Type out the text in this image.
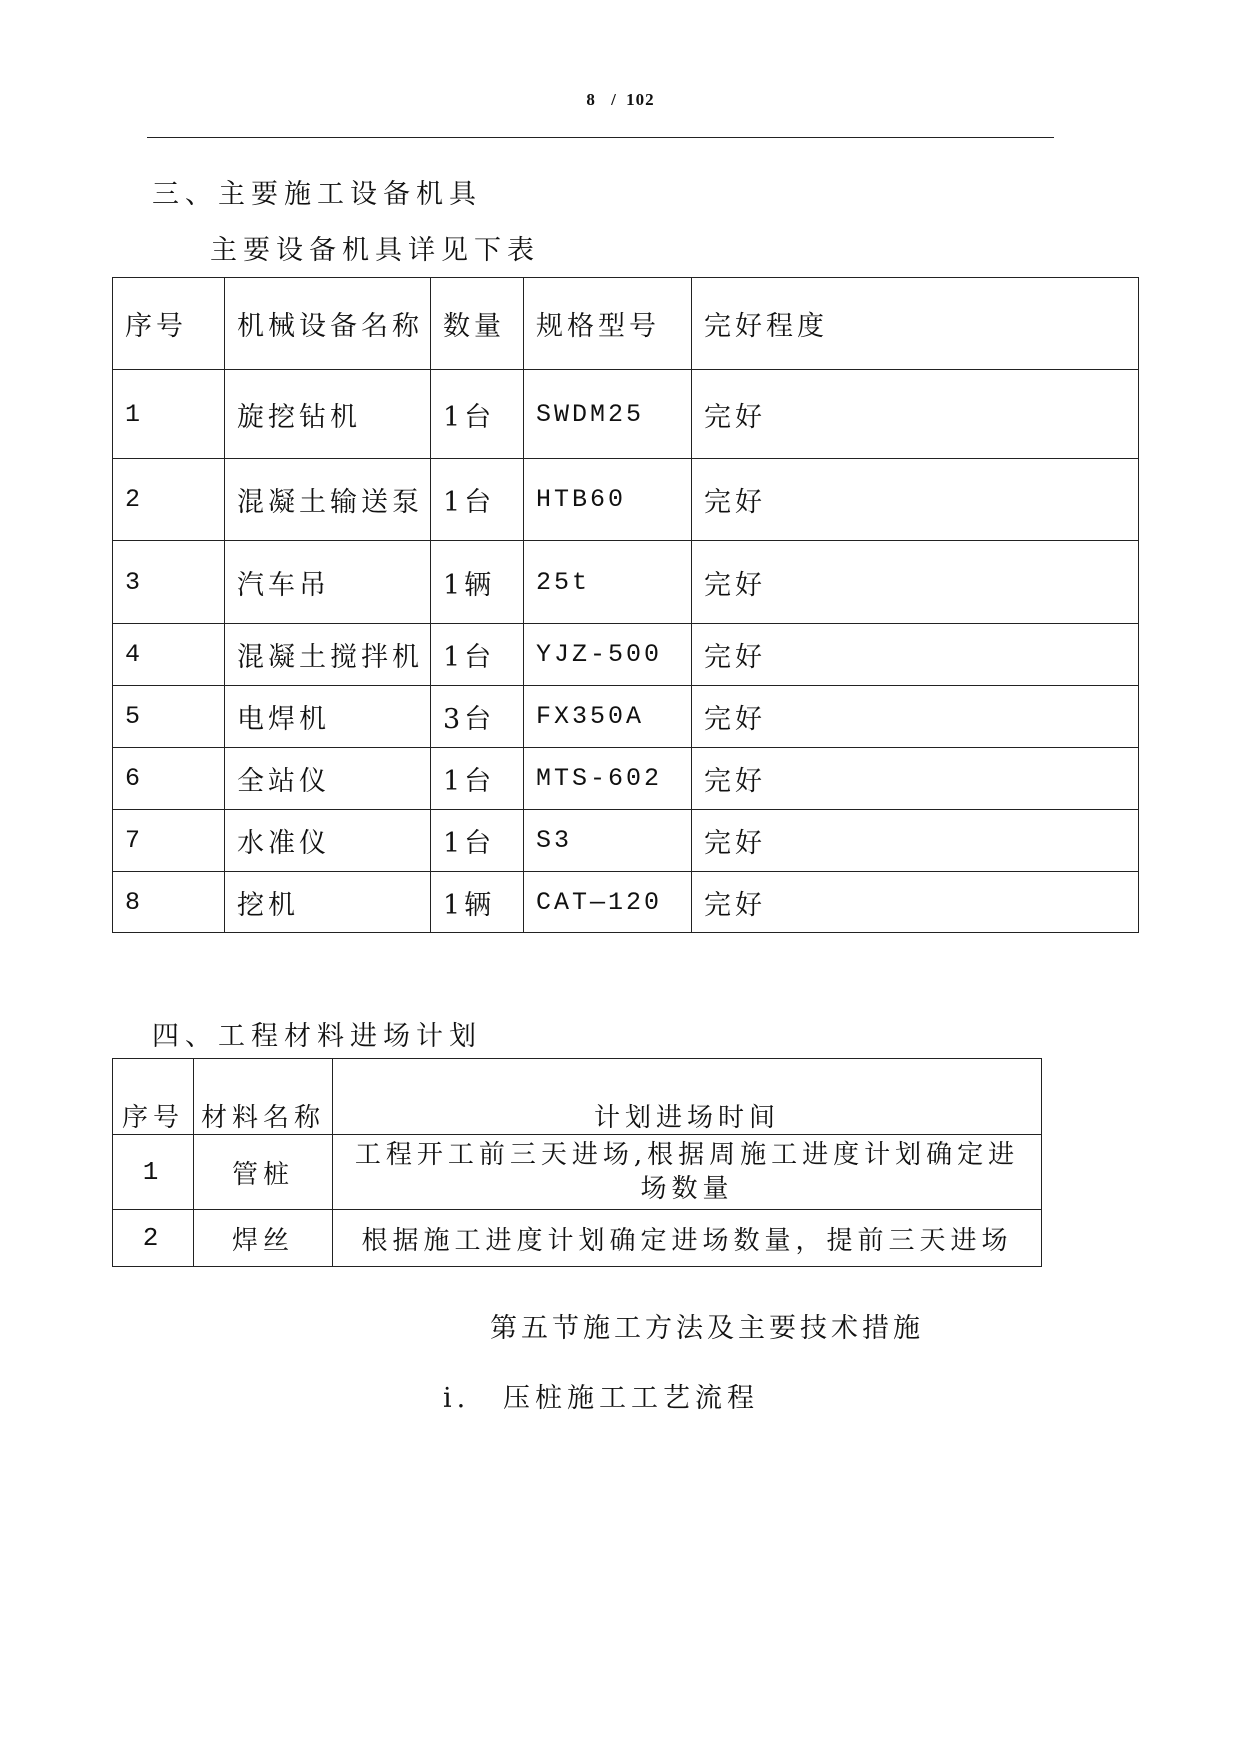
8 / 102
三、主要施工设备机具
主要设备机具详见下表
序号	机械设备名称	数量	规格型号	完好程度
1	旋挖钻机	1台	SWDM25	完好
2	混凝土输送泵	1台	HTB60	完好
3	汽车吊	1辆	25t	完好
4	混凝土搅拌机	1台	YJZ-500	完好
5	电焊机	3台	FX350A	完好
6	全站仪	1台	MTS-602	完好
7	水准仪	1台	S3	完好
8	挖机	1辆	CAT—120	完好
四、工程材料进场计划
序号	材料名称	计划进场时间
1	管桩	工程开工前三天进场,根据周施工进度计划确定进场数量
2	焊丝	根据施工进度计划确定进场数量，提前三天进场
第五节施工方法及主要技术措施
i. 压桩施工工艺流程
